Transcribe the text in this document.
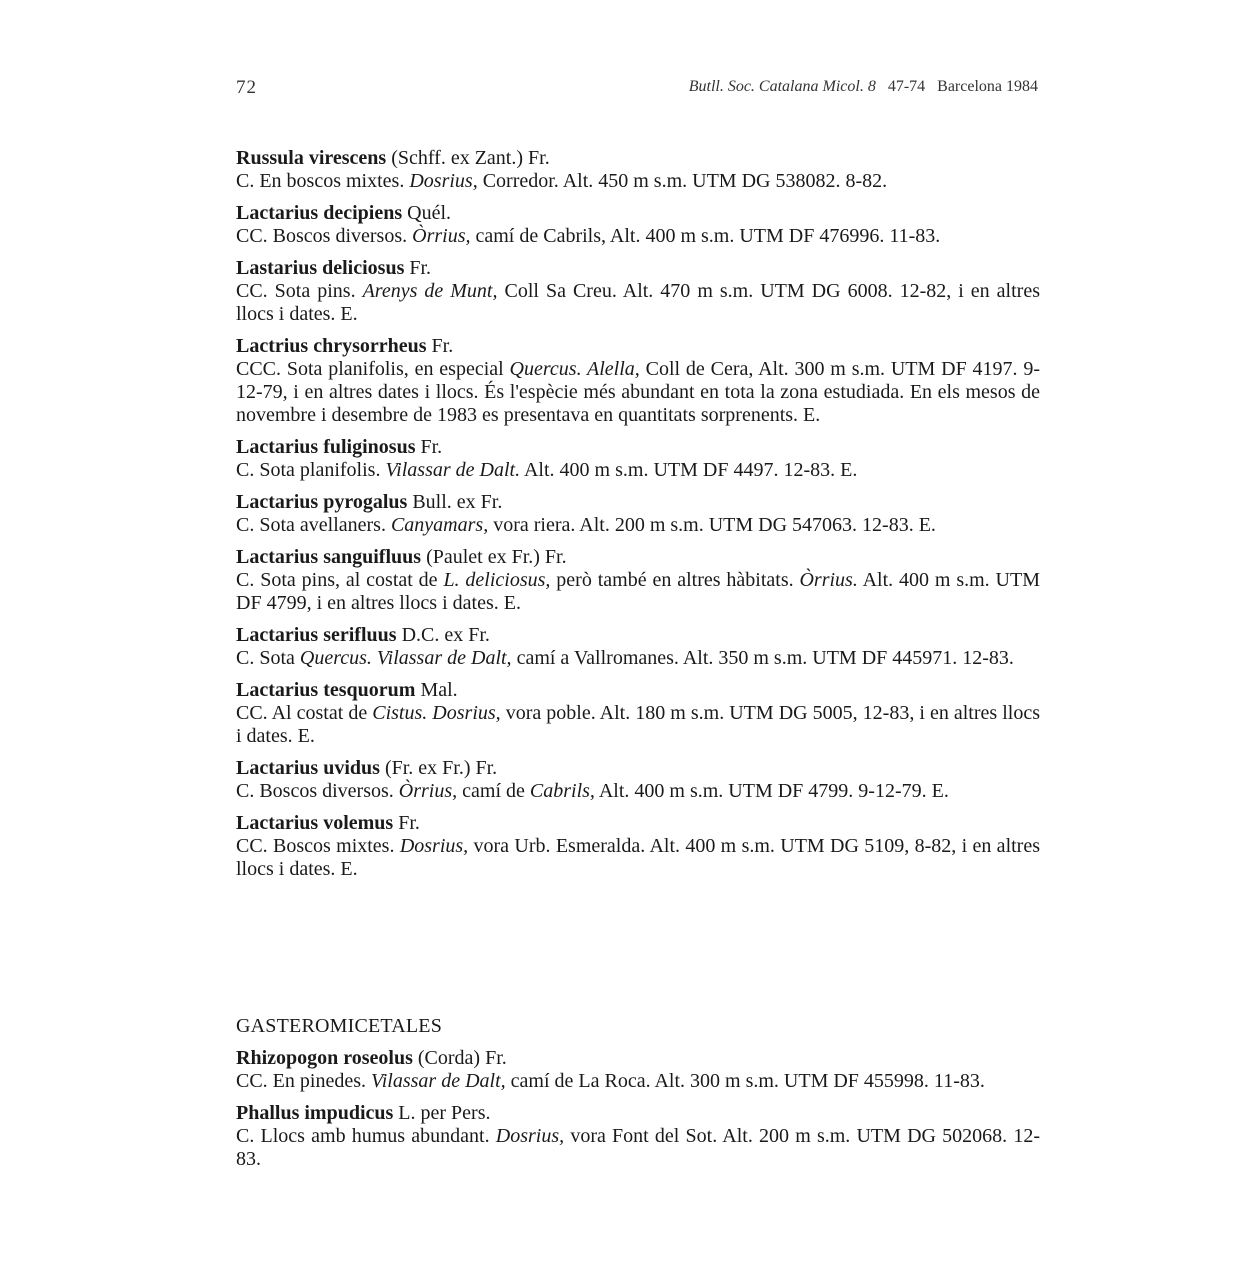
72	Butll. Soc. Catalana Micol. 8 47-74 Barcelona 1984
Russula virescens (Schff. ex Zant.) Fr.
C. En boscos mixtes. Dosrius, Corredor. Alt. 450 m s.m. UTM DG 538082. 8-82.
Lactarius decipiens Quél.
CC. Boscos diversos. Òrrius, camí de Cabrils, Alt. 400 m s.m. UTM DF 476996. 11-83.
Lastarius deliciosus Fr.
CC. Sota pins. Arenys de Munt, Coll Sa Creu. Alt. 470 m s.m. UTM DG 6008. 12-82, i en altres llocs i dates. E.
Lactrius chrysorrheus Fr.
CCC. Sota planifolis, en especial Quercus. Alella, Coll de Cera, Alt. 300 m s.m. UTM DF 4197. 9-12-79, i en altres dates i llocs. És l'espècie més abundant en tota la zona estudiada. En els mesos de novembre i desembre de 1983 es presentava en quantitats sorprenents. E.
Lactarius fuliginosus Fr.
C. Sota planifolis. Vilassar de Dalt. Alt. 400 m s.m. UTM DF 4497. 12-83. E.
Lactarius pyrogalus Bull. ex Fr.
C. Sota avellaners. Canyamars, vora riera. Alt. 200 m s.m. UTM DG 547063. 12-83. E.
Lactarius sanguifluus (Paulet ex Fr.) Fr.
C. Sota pins, al costat de L. deliciosus, però també en altres hàbitats. Òrrius. Alt. 400 m s.m. UTM DF 4799, i en altres llocs i dates. E.
Lactarius serifluus D.C. ex Fr.
C. Sota Quercus. Vilassar de Dalt, camí a Vallromanes. Alt. 350 m s.m. UTM DF 445971. 12-83.
Lactarius tesquorum Mal.
CC. Al costat de Cistus. Dosrius, vora poble. Alt. 180 m s.m. UTM DG 5005, 12-83, i en altres llocs i dates. E.
Lactarius uvidus (Fr. ex Fr.) Fr.
C. Boscos diversos. Òrrius, camí de Cabrils, Alt. 400 m s.m. UTM DF 4799. 9-12-79. E.
Lactarius volemus Fr.
CC. Boscos mixtes. Dosrius, vora Urb. Esmeralda. Alt. 400 m s.m. UTM DG 5109, 8-82, i en altres llocs i dates. E.
GASTEROMICETALES
Rhizopogon roseolus (Corda) Fr.
CC. En pinedes. Vilassar de Dalt, camí de La Roca. Alt. 300 m s.m. UTM DF 455998. 11-83.
Phallus impudicus L. per Pers.
C. Llocs amb humus abundant. Dosrius, vora Font del Sot. Alt. 200 m s.m. UTM DG 502068. 12-83.
